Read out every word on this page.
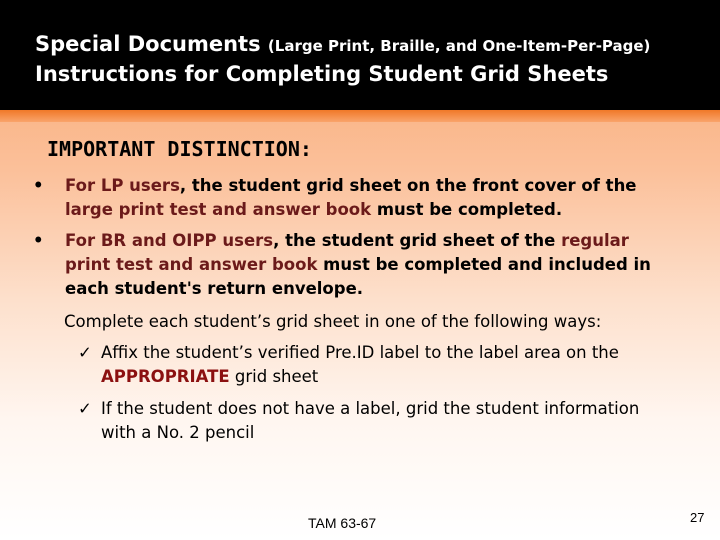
Special Documents (Large Print, Braille, and One-Item-Per-Page)
Instructions for Completing Student Grid Sheets
IMPORTANT DISTINCTION:
• For LP users, the student grid sheet on the front cover of the large print test and answer book must be completed.
• For BR and OIPP users, the student grid sheet of the regular print test and answer book must be completed and included in each student's return envelope.
Complete each student’s grid sheet in one of the following ways:
✓ Affix the student’s verified Pre.ID label to the label area on the APPROPRIATE grid sheet
✓ If the student does not have a label, grid the student information with a No. 2 pencil
TAM 63-67	27
